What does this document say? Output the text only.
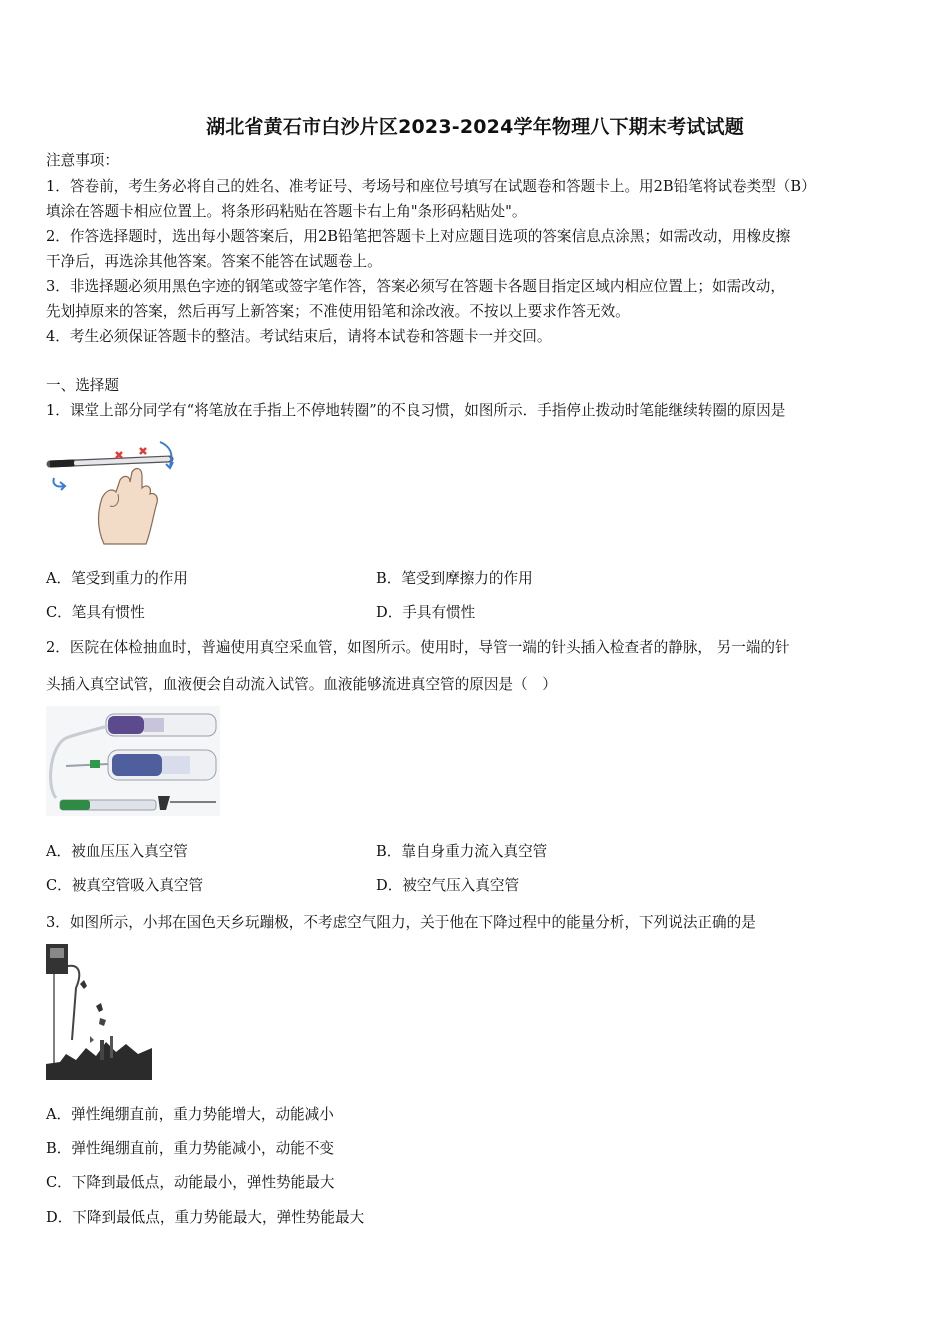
湖北省黄石市白沙片区2023-2024学年物理八下期末考试试题
注意事项：
1．答卷前，考生务必将自己的姓名、准考证号、考场号和座位号填写在试题卷和答题卡上。用2B铅笔将试卷类型（B）
填涂在答题卡相应位置上。将条形码粘贴在答题卡右上角"条形码粘贴处"。
2．作答选择题时，选出每小题答案后，用2B铅笔把答题卡上对应题目选项的答案信息点涂黑；如需改动，用橡皮擦
干净后，再选涂其他答案。答案不能答在试题卷上。
3．非选择题必须用黑色字迹的钢笔或签字笔作答，答案必须写在答题卡各题目指定区域内相应位置上；如需改动，
先划掉原来的答案，然后再写上新答案；不准使用铅笔和涂改液。不按以上要求作答无效。
4．考生必须保证答题卡的整洁。考试结束后，请将本试卷和答题卡一并交回。
一、选择题
1．课堂上部分同学有“将笔放在手指上不停地转圈”的不良习惯，如图所示．手指停止拨动时笔能继续转圈的原因是
A．笔受到重力的作用	B．笔受到摩擦力的作用
C．笔具有惯性	D．手具有惯性
2．医院在体检抽血时，普遍使用真空采血管，如图所示。使用时，导管一端的针头插入检查者的静脉， 另一端的针
头插入真空试管，血液便会自动流入试管。血液能够流进真空管的原因是（　）
A．被血压压入真空管	B．靠自身重力流入真空管
C．被真空管吸入真空管	D．被空气压入真空管
3．如图所示，小邦在国色天乡玩蹦极，不考虑空气阻力，关于他在下降过程中的能量分析，下列说法正确的是
A．弹性绳绷直前，重力势能增大，动能减小
B．弹性绳绷直前，重力势能减小，动能不变
C．下降到最低点，动能最小，弹性势能最大
D．下降到最低点，重力势能最大，弹性势能最大
